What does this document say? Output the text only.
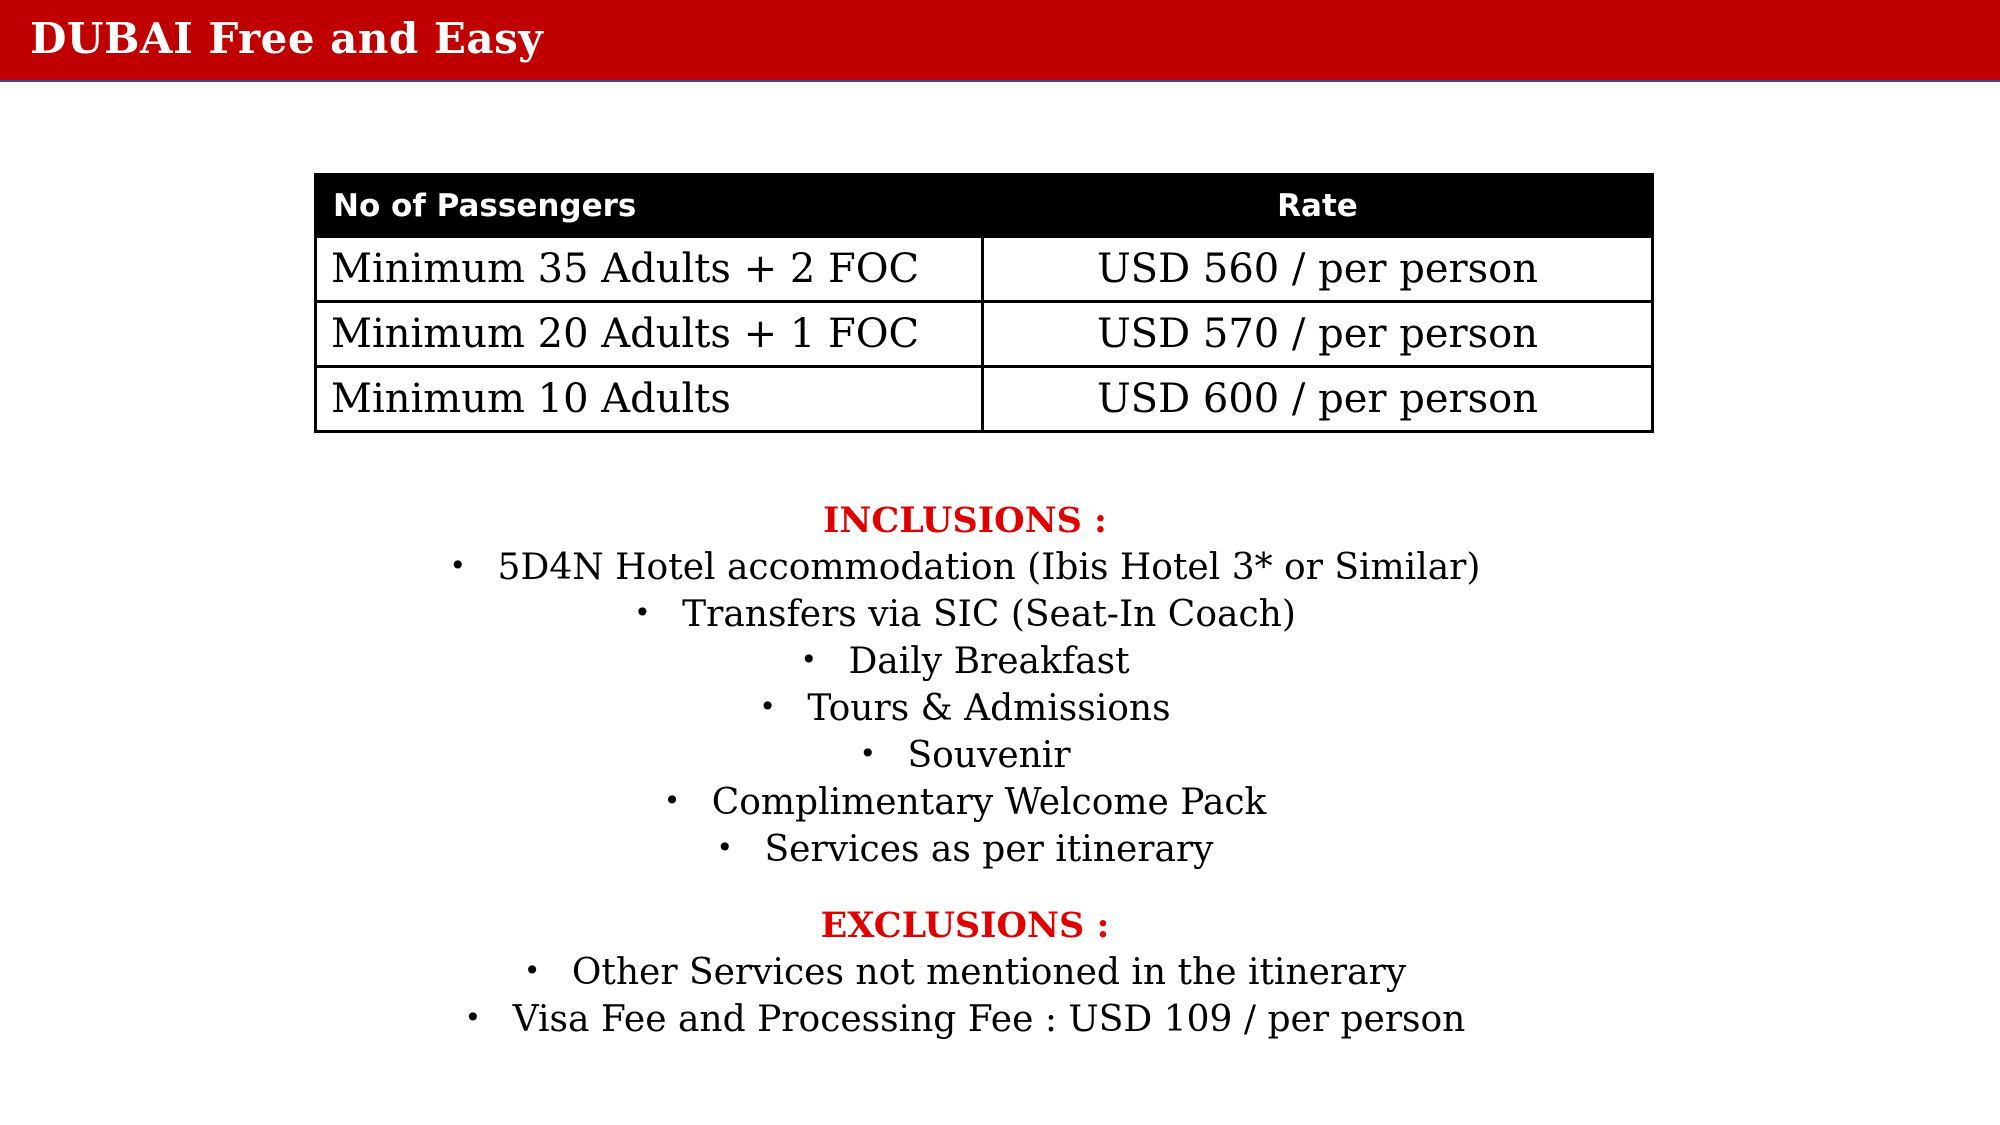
DUBAI Free and Easy
No of Passengers	Rate
Minimum 35 Adults + 2 FOC	USD 560 / per person
Minimum 20 Adults + 1 FOC	USD 570 / per person
Minimum 10 Adults	USD 600 / per person
INCLUSIONS :
• 5D4N Hotel accommodation (Ibis Hotel 3* or Similar)
• Transfers via SIC (Seat-In Coach)
• Daily Breakfast
• Tours & Admissions
• Souvenir
• Complimentary Welcome Pack
• Services as per itinerary
EXCLUSIONS :
• Other Services not mentioned in the itinerary
• Visa Fee and Processing Fee : USD 109 / per person
